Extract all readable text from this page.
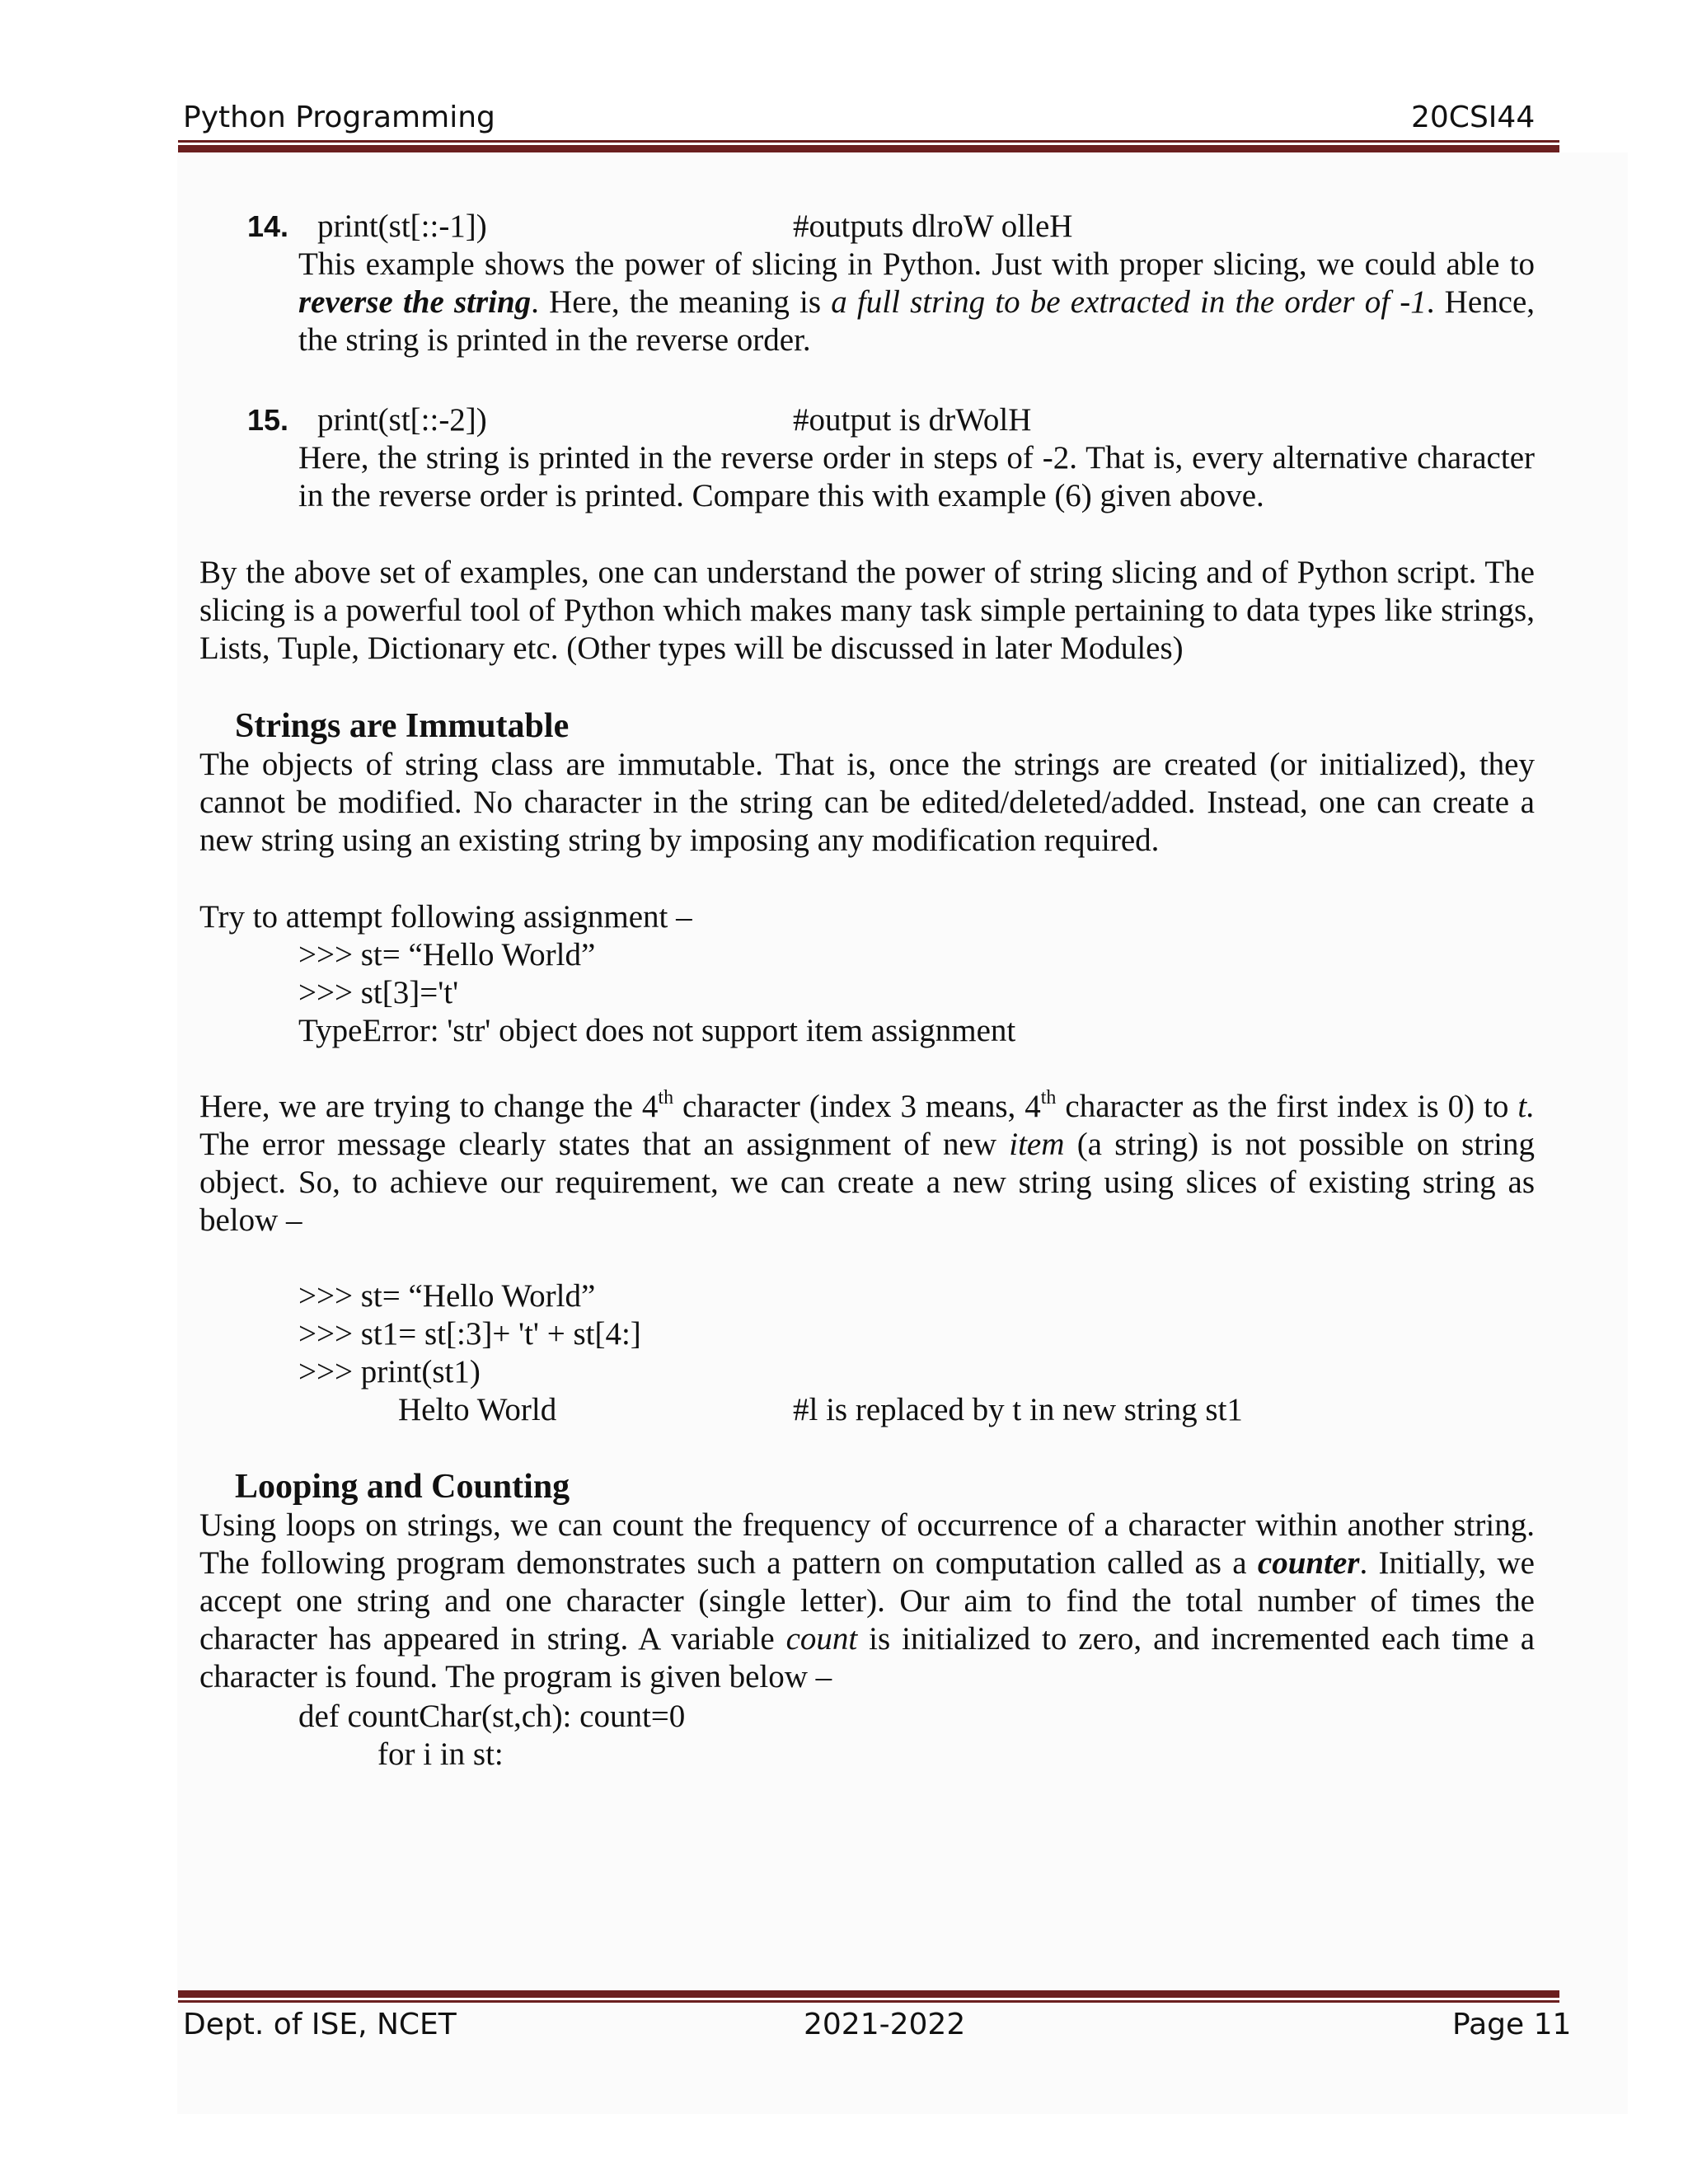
Python Programming	20CSI44
14. print(st[::-1])	#outputs dlroW olleH
This example shows the power of slicing in Python. Just with proper slicing, we could able to reverse the string. Here, the meaning is a full string to be extracted in the order of -1. Hence, the string is printed in the reverse order.
15. print(st[::-2])	#output is drWolH
Here, the string is printed in the reverse order in steps of -2. That is, every alternative character in the reverse order is printed. Compare this with example (6) given above.
By the above set of examples, one can understand the power of string slicing and of Python script. The slicing is a powerful tool of Python which makes many task simple pertaining to data types like strings, Lists, Tuple, Dictionary etc. (Other types will be discussed in later Modules)
Strings are Immutable
The objects of string class are immutable. That is, once the strings are created (or initialized), they cannot be modified. No character in the string can be edited/deleted/added. Instead, one can create a new string using an existing string by imposing any modification required.
Try to attempt following assignment –
>>> st= “Hello World”
>>> st[3]='t'
TypeError: 'str' object does not support item assignment
Here, we are trying to change the 4th character (index 3 means, 4th character as the first index is 0) to t. The error message clearly states that an assignment of new item (a string) is not possible on string object. So, to achieve our requirement, we can create a new string using slices of existing string as below –
>>> st= “Hello World”
>>> st1= st[:3]+ 't' + st[4:]
>>> print(st1)
Helto World	#l is replaced by t in new string st1
Looping and Counting
Using loops on strings, we can count the frequency of occurrence of a character within another string. The following program demonstrates such a pattern on computation called as a counter. Initially, we accept one string and one character (single letter). Our aim to find the total number of times the character has appeared in string. A variable count is initialized to zero, and incremented each time a character is found. The program is given below –
def countChar(st,ch): count=0
for i in st:
Dept. of ISE, NCET	2021-2022	Page 11
